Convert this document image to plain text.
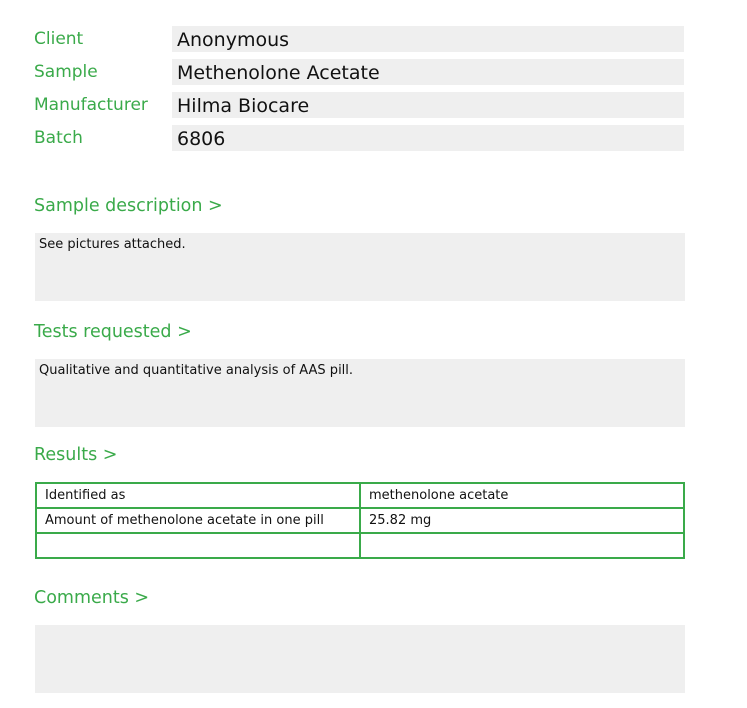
Client	Anonymous
Sample	Methenolone Acetate
Manufacturer Hilma Biocare
Batch	6806
Sample description >
See pictures attached.
Tests requested >
Qualitative and quantitative analysis of AAS pill.
Results >
Identified as	methenolone acetate
Amount of methenolone acetate in one pill	25.82 mg

Comments >
